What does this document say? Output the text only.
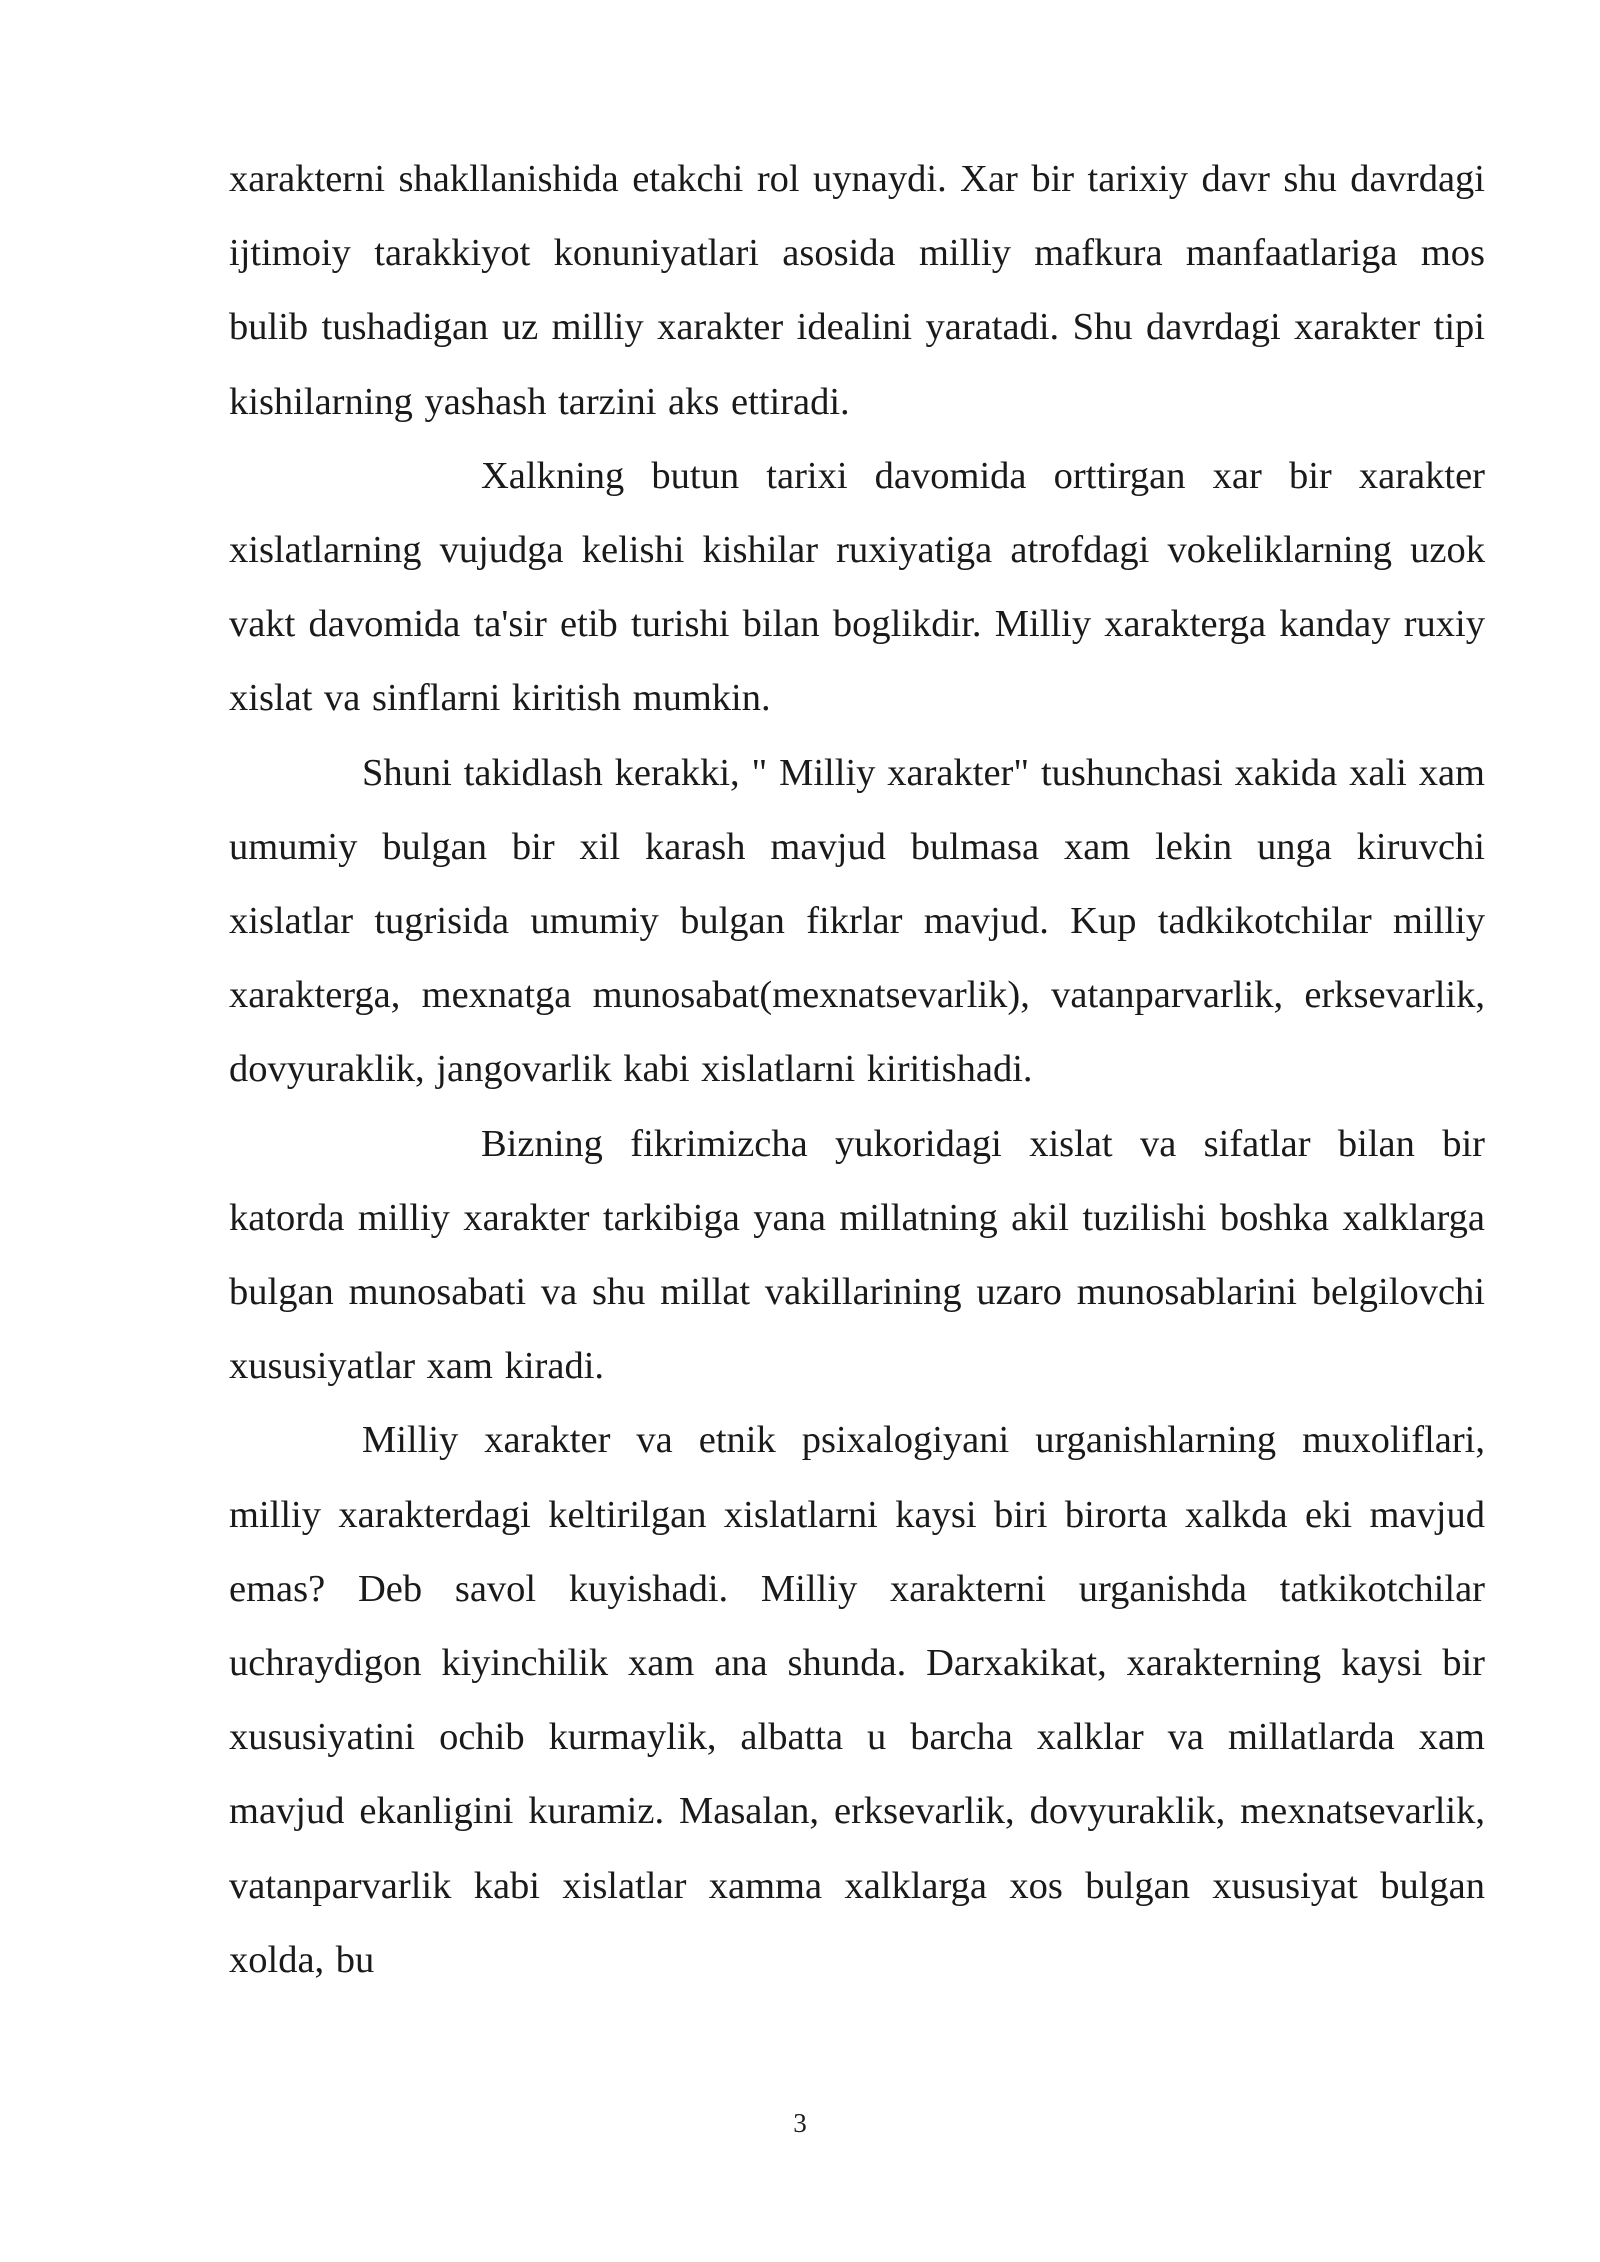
xarakterni shakllanishida etakchi rol uynaydi. Xar bir tarixiy davr shu davrdagi ijtimoiy tarakkiyot konuniyatlari asosida milliy mafkura manfaatlariga mos bulib tushadigan uz milliy xarakter idealini yaratadi. Shu davrdagi xarakter tipi kishilarning yashash tarzini aks ettiradi.

Xalkning butun tarixi davomida orttirgan xar bir xarakter xislatlarning vujudga kelishi kishilar ruxiyatiga atrofdagi vokeliklarning uzok vakt davomida ta'sir etib turishi bilan boglikdir. Milliy xarakterga kanday ruxiy xislat va sinflarni kiritish mumkin.

Shuni takidlash kerakki, " Milliy xarakter" tushunchasi xakida xali xam umumiy bulgan bir xil karash mavjud bulmasa xam lekin unga kiruvchi xislatlar tugrisida umumiy bulgan fikrlar mavjud. Kup tadkikotchilar milliy xarakterga, mexnatga munosabat(mexnatsevarlik), vatanparvarlik, erksevarlik, dovyuraklik, jangovarlik kabi xislatlarni kiritishadi.

Bizning fikrimizcha yukoridagi xislat va sifatlar bilan bir katorda milliy xarakter tarkibiga yana millatning akil tuzilishi boshka xalklarga bulgan munosabati va shu millat vakillarining uzaro munosablarini belgilovchi xususiyatlar xam kiradi.

Milliy xarakter va etnik psixalogiyani urganishlarning muxoliflari, milliy xarakterdagi keltirilgan xislatlarni kaysi biri birorta xalkda eki mavjud emas? Deb savol kuyishadi. Milliy xarakterni urganishda tatkikotchilar uchraydigon kiyinchilik xam ana shunda. Darxakikat, xarakterning kaysi bir xususiyatini ochib kurmaylik, albatta u barcha xalklar va millatlarda xam mavjud ekanligini kuramiz. Masalan, erksevarlik, dovyuraklik, mexnatsevarlik, vatanparvarlik kabi xislatlar xamma xalklarga xos bulgan xususiyat bulgan xolda, bu

3
